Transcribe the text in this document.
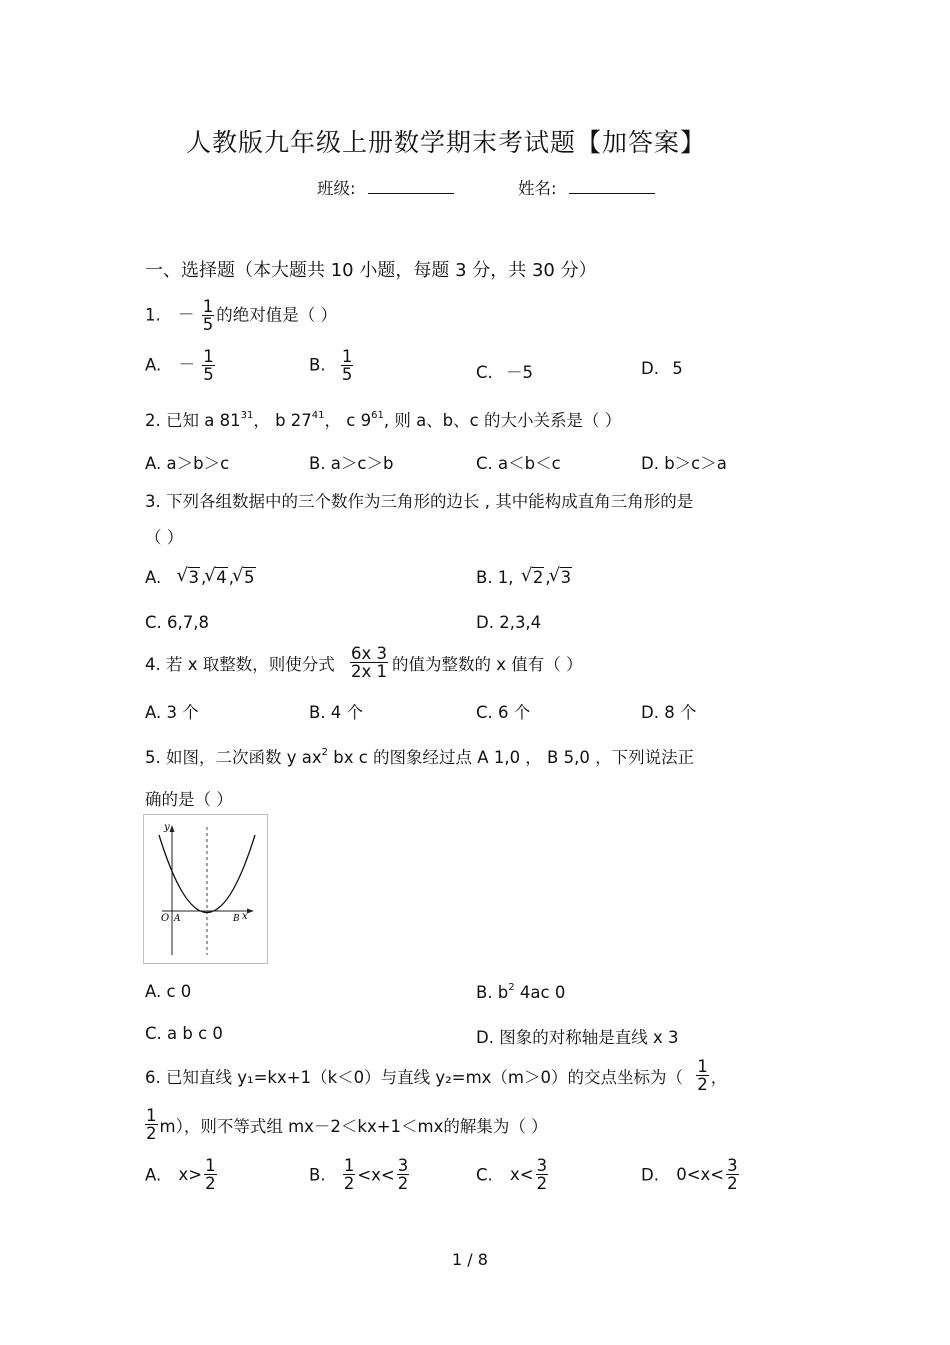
人教版九年级上册数学期末考试题【加答案】
班级:	姓名:
一、选择题（本大题共 10 小题，每题 3 分，共 30 分）
1. － $\frac{1}{5}$ 的绝对值是（ ）
A. － $\frac{1}{5}$	B. $\frac{1}{5}$	C. －5	D. 5
2. 已知 a $81^{31}$， b $27^{41}$， c $9^{61}$, 则 a、b、c 的大小关系是（ ）
A. a＞b＞c	B. a＞c＞b	C. a＜b＜c	D. b＞c＞a
3. 下列各组数据中的三个数作为三角形的边长 , 其中能构成直角三角形的是
（ ）
A. √ 3 , √ 4 , √ 5	B. 1, √ 2 , √ 3
C. 6,7,8	D. 2,3,4
4. 若 x 取整数，则使分式 $\frac{6x 3}{2x 1}$ 的值为整数的 x 值有（ ）
A. 3 个	B. 4 个	C. 6 个	D. 8 个
5. 如图，二次函数 y $ax^2$ bx c 的图象经过点 A 1,0 ， B 5,0 ，下列说法正
确的是（ ）
y
x
O A	B
A. c 0	B. $b^2$ 4ac 0
C. a b c 0	D. 图象的对称轴是直线 x 3
6. 已知直线 y₁=kx+1（k＜0）与直线 y₂=mx（m＞0）的交点坐标为（ $\frac{1}{2}$ ，
$\frac{1}{2} m$），则不等式组 mx－2＜kx+1＜mx的解集为（ ）
A. $x> \frac{1}{2}$	B. $\frac{1}{2} <x< \frac{3}{2}$	C. $x< \frac{3}{2}$	D. $0<x< \frac{3}{2}$
1 / 8
